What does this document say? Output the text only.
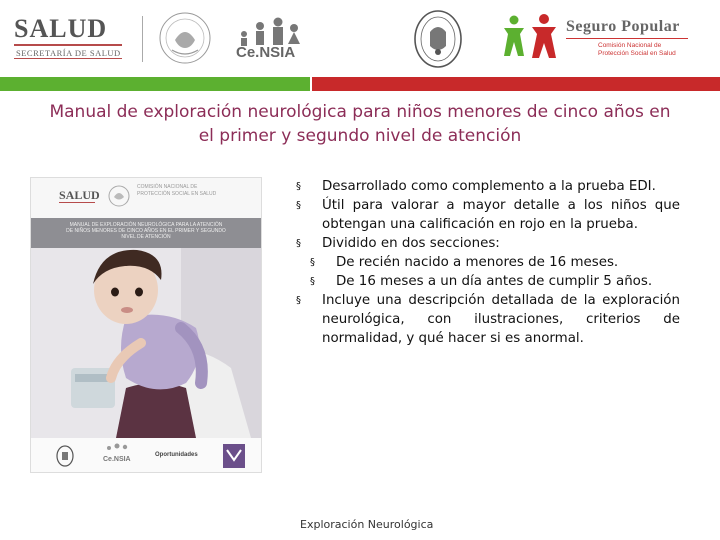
SALUD
SECRETARÍA DE SALUD	Ce.NSIA
Seguro Popular
Comisión Nacional de
Protección Social en Salud
Manual de exploración neurológica para niños menores de cinco años en
el primer y segundo nivel de atención
SALUD
COMISIÓN NACIONAL DE
PROTECCIÓN SOCIAL EN SALUD
MANUAL DE EXPLORACIÓN NEUROLÓGICA PARA LA ATENCIÓN
DE NIÑOS MENORES DE CINCO AÑOS EN EL PRIMER Y SEGUNDO
NIVEL DE ATENCIÓN
Ce.NSIA
Oportunidades
§ Desarrollado como complemento a la prueba EDI.
§ Útil para valorar a mayor detalle a los niños que obtengan una calificación en rojo en la prueba.
§ Dividido en dos secciones:
§ De recién nacido a menores de 16 meses.
§ De 16 meses a un día antes de cumplir 5 años.
§ Incluye una descripción detallada de la exploración neurológica, con ilustraciones, criterios de normalidad, y qué hacer si es anormal.
Exploración Neurológica
